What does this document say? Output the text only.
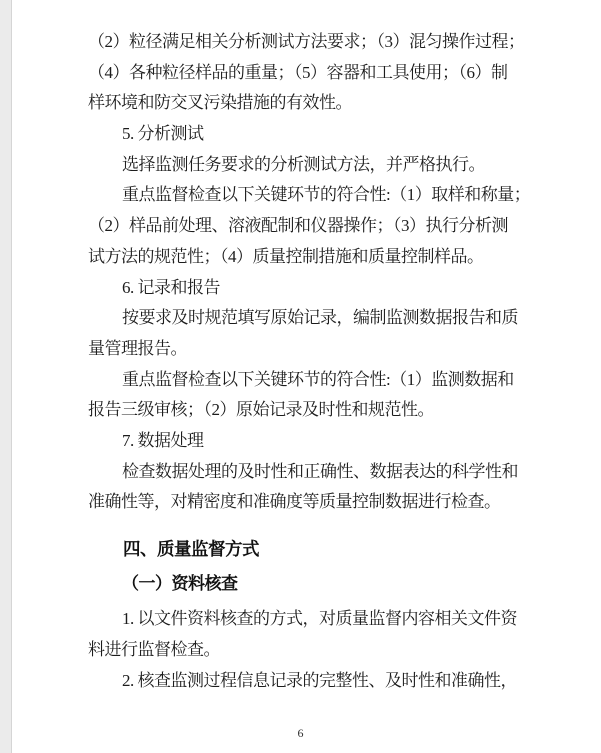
（2）粒径满足相关分析测试方法要求；（3）混匀操作过程；
（4）各种粒径样品的重量；（5）容器和工具使用；（6）制
样环境和防交叉污染措施的有效性。
5. 分析测试
选择监测任务要求的分析测试方法，并严格执行。
重点监督检查以下关键环节的符合性:（1）取样和称量；
（2）样品前处理、溶液配制和仪器操作；（3）执行分析测
试方法的规范性；（4）质量控制措施和质量控制样品。
6. 记录和报告
按要求及时规范填写原始记录，编制监测数据报告和质
量管理报告。
重点监督检查以下关键环节的符合性:（1）监测数据和
报告三级审核；（2）原始记录及时性和规范性。
7. 数据处理
检查数据处理的及时性和正确性、数据表达的科学性和
准确性等，对精密度和准确度等质量控制数据进行检查。
四、质量监督方式
（一）资料核查
1. 以文件资料核查的方式，对质量监督内容相关文件资
料进行监督检查。
2. 核查监测过程信息记录的完整性、及时性和准确性，
6
